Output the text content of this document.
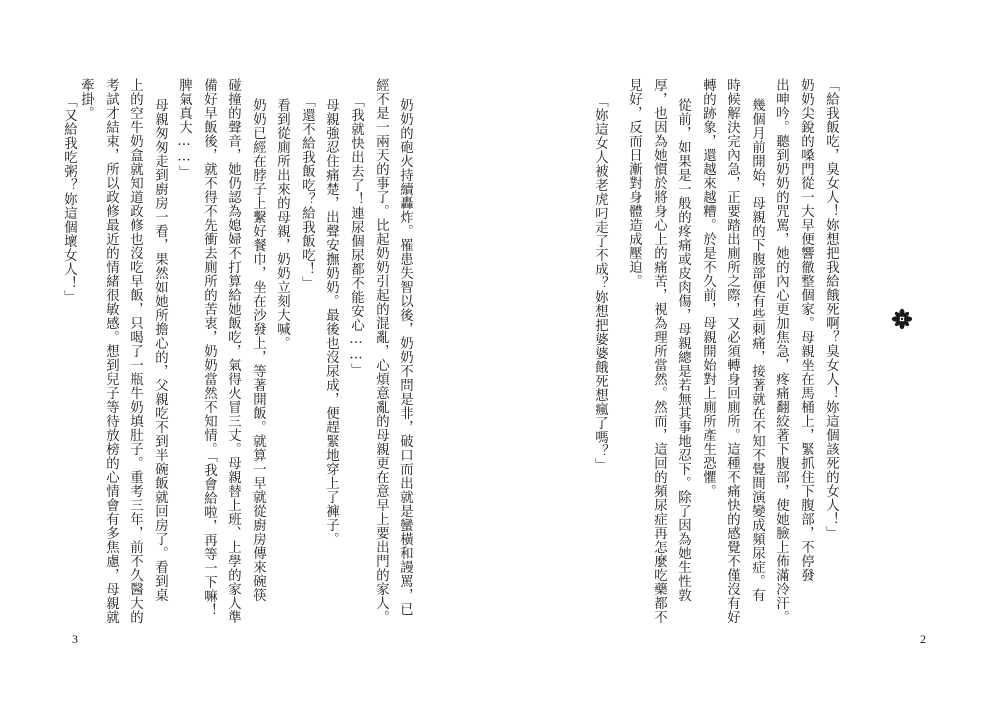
「給我飯吃，臭女人！妳想把我給餓死啊？臭女人！妳這個該死的女人！」
奶奶尖銳的嗓門從一大早便響徹整個家。母親坐在馬桶上，緊抓住下腹部，不停發
出呻吟。聽到奶奶的咒罵，她的內心更加焦急，疼痛翻絞著下腹部，使她臉上佈滿冷汗。
幾個月前開始，母親的下腹部便有些刺痛，接著就在不知不覺間演變成頻尿症。有
時候解決完內急，正要踏出廁所之際，又必須轉身回廁所。這種不痛快的感覺不僅沒有好
轉的跡象，還越來越糟。於是不久前，母親開始對上廁所產生恐懼。
從前，如果是一般的疼痛或皮肉傷，母親總是若無其事地忍下。除了因為她生性敦
厚，也因為她慣於將身心上的痛苦，視為理所當然。然而，這回的頻尿症再怎麼吃藥都不
見好，反而日漸對身體造成壓迫。
「妳這女人被老虎叼走了不成？妳想把婆婆餓死想瘋了嗎？」
奶奶的砲火持續轟炸。罹患失智以後，奶奶不問是非，破口而出就是蠻橫和謾罵，已
經不是一兩天的事了。比起奶奶引起的混亂，心煩意亂的母親更在意早上要出門的家人。
「我就快出去了！連尿個尿都不能安心……」
母親強忍住痛楚，出聲安撫奶奶。最後也沒尿成，便趕緊地穿上了褲子。
「還不給我飯吃？給我飯吃！」
看到從廁所出來的母親，奶奶立刻大喊。
奶奶已經在脖子上繫好餐巾，坐在沙發上，等著開飯。就算一早就從廚房傳來碗筷
碰撞的聲音，她仍認為媳婦不打算給她飯吃，氣得火冒三丈。母親替上班、上學的家人準
備好早飯後，就不得不先衝去廁所的苦衷，奶奶當然不知情。「我會給啦，再等一下嘛！
脾氣真大……」
母親匆匆走到廚房一看，果然如她所擔心的，父親吃不到半碗飯就回房了。看到桌
上的空牛奶盒就知道政修也沒吃早飯，只喝了一瓶牛奶填肚子。重考三年，前不久醫大的
考試才結束，所以政修最近的情緒很敏感。想到兒子等待放榜的心情會有多焦慮，母親就
牽掛。
「又給我吃粥？妳這個壞女人！」
2
3
